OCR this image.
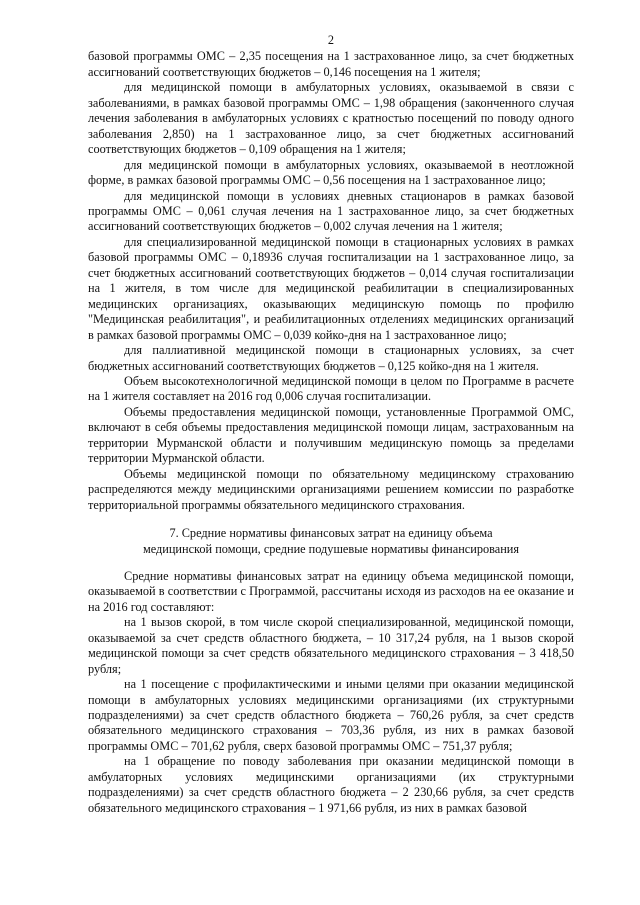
2

базовой программы ОМС – 2,35 посещения на 1 застрахованное лицо, за счет бюджетных ассигнований соответствующих бюджетов – 0,146 посещения на 1 жителя;

для медицинской помощи в амбулаторных условиях, оказываемой в связи с заболеваниями, в рамках базовой программы ОМС – 1,98 обращения (законченного случая лечения заболевания в амбулаторных условиях с кратностью посещений по поводу одного заболевания 2,850) на 1 застрахованное лицо, за счет бюджетных ассигнований соответствующих бюджетов – 0,109 обращения на 1 жителя;

для медицинской помощи в амбулаторных условиях, оказываемой в неотложной форме, в рамках базовой программы ОМС – 0,56 посещения на 1 застрахованное лицо;

для медицинской помощи в условиях дневных стационаров в рамках базовой программы ОМС – 0,061 случая лечения на 1 застрахованное лицо, за счет бюджетных ассигнований соответствующих бюджетов – 0,002 случая лечения на 1 жителя;

для специализированной медицинской помощи в стационарных условиях в рамках базовой программы ОМС – 0,18936 случая госпитализации на 1 застрахованное лицо, за счет бюджетных ассигнований соответствующих бюджетов – 0,014 случая госпитализации на 1 жителя, в том числе для медицинской реабилитации в специализированных медицинских организациях, оказывающих медицинскую помощь по профилю "Медицинская реабилитация", и реабилитационных отделениях медицинских организаций в рамках базовой программы ОМС – 0,039 койко-дня на 1 застрахованное лицо;

для паллиативной медицинской помощи в стационарных условиях, за счет бюджетных ассигнований соответствующих бюджетов – 0,125 койко-дня на 1 жителя.

Объем высокотехнологичной медицинской помощи в целом по Программе в расчете на 1 жителя составляет на 2016 год 0,006 случая госпитализации.

Объемы предоставления медицинской помощи, установленные Программой ОМС, включают в себя объемы предоставления медицинской помощи лицам, застрахованным на территории Мурманской области и получившим медицинскую помощь за пределами территории Мурманской области.

Объемы медицинской помощи по обязательному медицинскому страхованию распределяются между медицинскими организациями решением комиссии по разработке территориальной программы обязательного медицинского страхования.

7. Средние нормативы финансовых затрат на единицу объема
медицинской помощи, средние подушевые нормативы финансирования

Средние нормативы финансовых затрат на единицу объема медицинской помощи, оказываемой в соответствии с Программой, рассчитаны исходя из расходов на ее оказание и на 2016 год составляют:

на 1 вызов скорой, в том числе скорой специализированной, медицинской помощи, оказываемой за счет средств областного бюджета, – 10 317,24 рубля, на 1 вызов скорой медицинской помощи за счет средств обязательного медицинского страхования – 3 418,50 рубля;

на 1 посещение с профилактическими и иными целями при оказании медицинской помощи в амбулаторных условиях медицинскими организациями (их структурными подразделениями) за счет средств областного бюджета – 760,26 рубля, за счет средств обязательного медицинского страхования – 703,36 рубля, из них в рамках базовой программы ОМС – 701,62 рубля, сверх базовой программы ОМС – 751,37 рубля;

на 1 обращение по поводу заболевания при оказании медицинской помощи в амбулаторных условиях медицинскими организациями (их структурными подразделениями) за счет средств областного бюджета – 2 230,66 рубля, за счет средств обязательного медицинского страхования – 1 971,66 рубля, из них в рамках базовой
